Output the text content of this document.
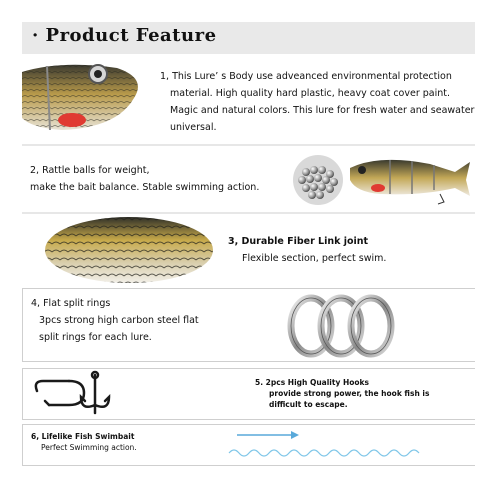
· Product Feature
1, This Lure’ s Body use adveanced environmental protection
material. High quality hard plastic, heavy coat cover paint.
Magic and natural colors. This lure for fresh water and seawater
universal.
2, Rattle balls for weight,
make the bait balance. Stable swimming action.
3, Durable Fiber Link joint
Flexible section, perfect swim.
4, Flat split rings
3pcs strong high carbon steel flat
split rings for each lure.
5. 2pcs High Quality Hooks
provide strong power, the hook fish is
difficult to escape.
6, Lifelike Fish Swimbait
Perfect Swimming action.
